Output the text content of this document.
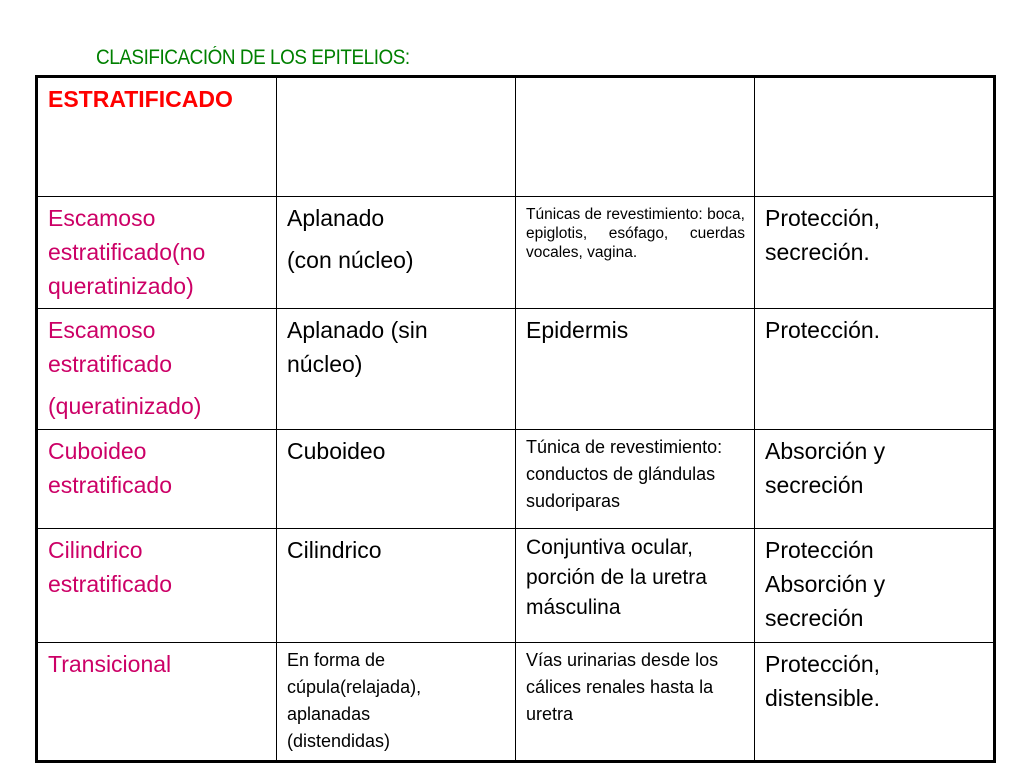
CLASIFICACIÓN DE LOS EPITELIOS:
ESTRATIFICADO			

Escamoso
estratificado(no
queratinizado)	Aplanado
(con núcleo)	Túnicas de revestimiento: boca, epiglotis, esófago, cuerdas vocales, vagina.	Protección,
secreción.

Escamoso
estratificado
(queratinizado)	Aplanado (sin
núcleo)	Epidermis	Protección.

Cuboideo
estratificado	Cuboideo	Túnica de revestimiento: conductos de glándulas sudoriparas	Absorción y
secreción

Cilindrico
estratificado	Cilindrico	Conjuntiva ocular, porción de la uretra másculina	Protección
Absorción y
secreción

Transicional	En forma de
cúpula(relajada),
aplanadas
(distendidas)	Vías urinarias desde los cálices renales hasta la uretra	Protección,
distensible.
